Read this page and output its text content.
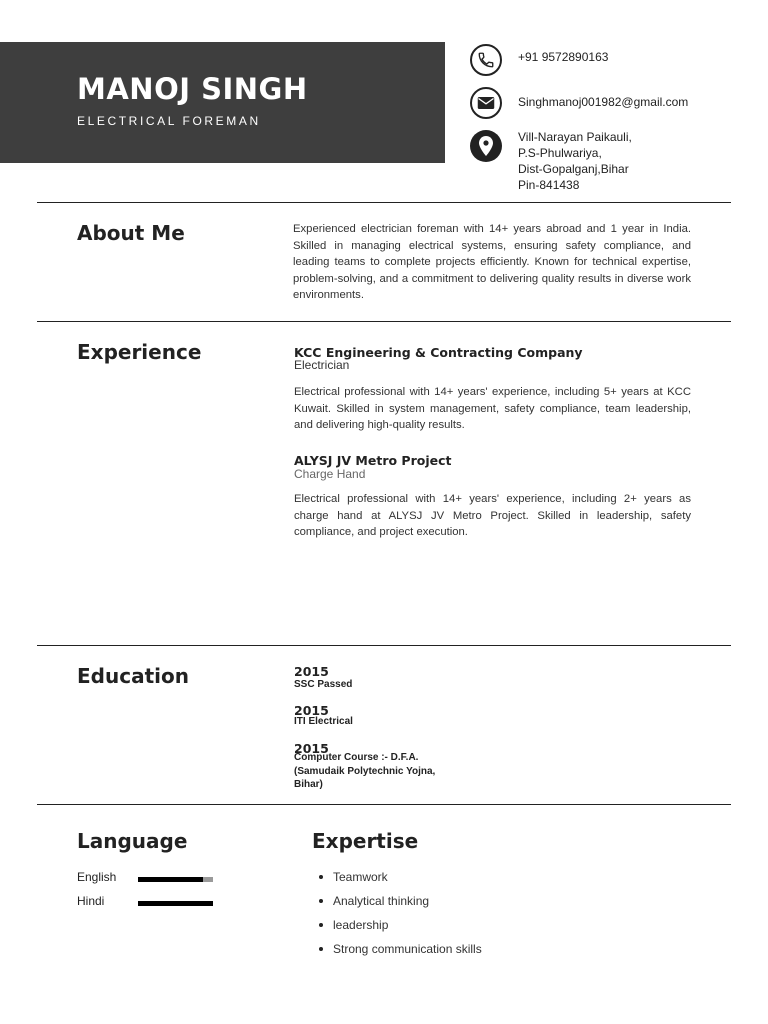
MANOJ SINGH
ELECTRICAL FOREMAN
+91 9572890163
Singhmanoj001982@gmail.com
Vill-Narayan Paikauli,
P.S-Phulwariya,
Dist-Gopalganj,Bihar
Pin-841438
About Me	Experienced electrician foreman with 14+ years abroad and 1 year in India. Skilled in managing electrical systems, ensuring safety compliance, and leading teams to complete projects efficiently. Known for technical expertise, problem-solving, and a commitment to delivering quality results in diverse work environments.

Experience	KCC Engineering & Contracting Company
Electrician

Electrical professional with 14+ years' experience, including 5+ years at KCC Kuwait. Skilled in system management, safety compliance, team leadership, and delivering high-quality results.

ALYSJ JV Metro Project
Charge Hand

Electrical professional with 14+ years' experience, including 2+ years as charge hand at ALYSJ JV Metro Project. Skilled in leadership, safety compliance, and project execution.

Education	2015
SSC Passed
2015
ITI Electrical
2015
Computer Course :- D.F.A. (Samudaik Polytechnic Yojna, Bihar)
Language	Expertise
English
Hindi
Teamwork
Analytical thinking
leadership
Strong communication skills
